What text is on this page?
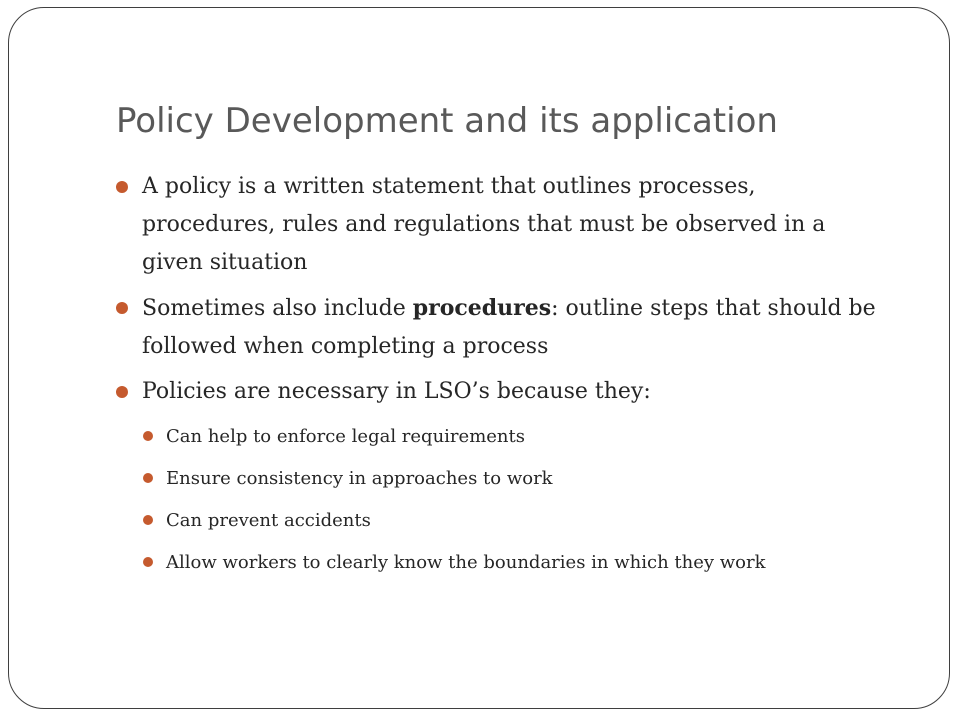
Policy Development and its application

A policy is a written statement that outlines processes, procedures, rules and regulations that must be observed in a given situation

Sometimes also include procedures: outline steps that should be followed when completing a process

Policies are necessary in LSO’s because they:

Can help to enforce legal requirements

Ensure consistency in approaches to work

Can prevent accidents

Allow workers to clearly know the boundaries in which they work
